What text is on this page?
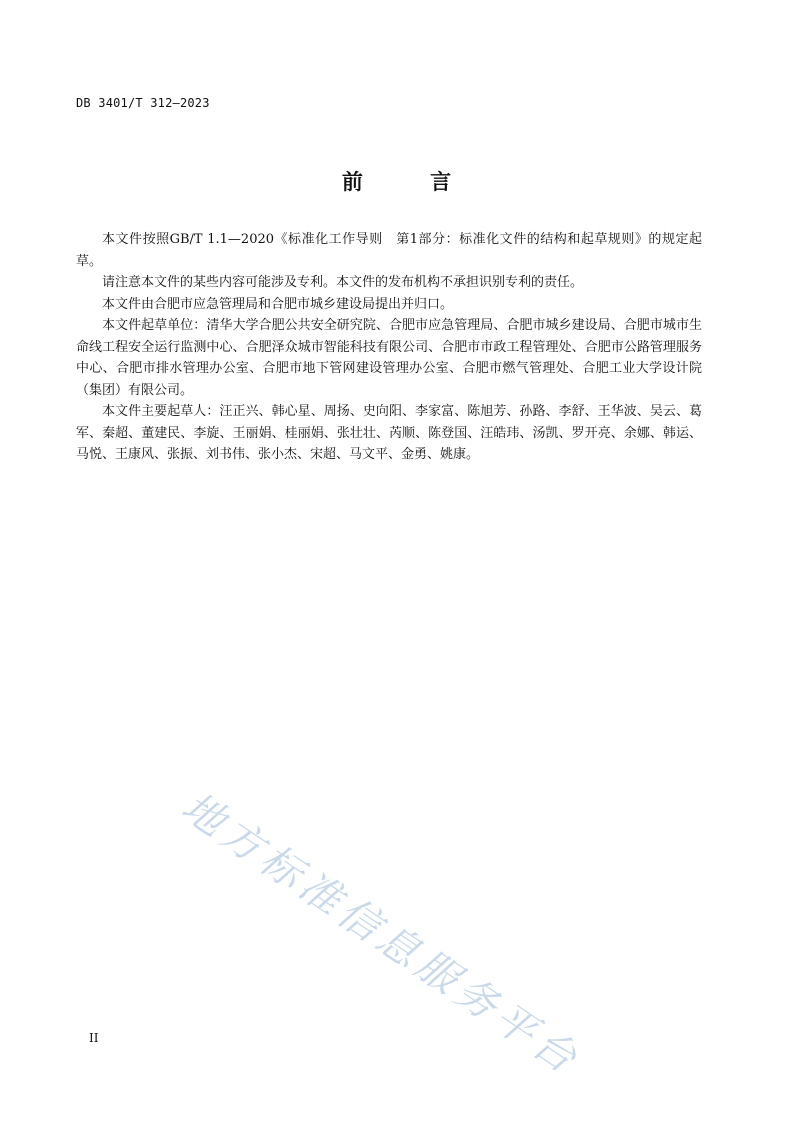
DB 3401/T 312—2023
前 言

本文件按照GB/T 1.1—2020《标准化工作导则　第1部分：标准化文件的结构和起草规则》的规定起草。

请注意本文件的某些内容可能涉及专利。本文件的发布机构不承担识别专利的责任。

本文件由合肥市应急管理局和合肥市城乡建设局提出并归口。

本文件起草单位：清华大学合肥公共安全研究院、合肥市应急管理局、合肥市城乡建设局、合肥市城市生命线工程安全运行监测中心、合肥泽众城市智能科技有限公司、合肥市市政工程管理处、合肥市公路管理服务中心、合肥市排水管理办公室、合肥市地下管网建设管理办公室、合肥市燃气管理处、合肥工业大学设计院（集团）有限公司。

本文件主要起草人：汪正兴、韩心星、周扬、史向阳、李家富、陈旭芳、孙路、李舒、王华波、吴云、葛军、秦超、董建民、李旋、王丽娟、桂丽娟、张壮壮、芮顺、陈登国、汪皓玮、汤凯、罗开亮、余娜、韩运、马悦、王康风、张振、刘书伟、张小杰、宋超、马文平、金勇、姚康。

地方标准信息服务平台
II
